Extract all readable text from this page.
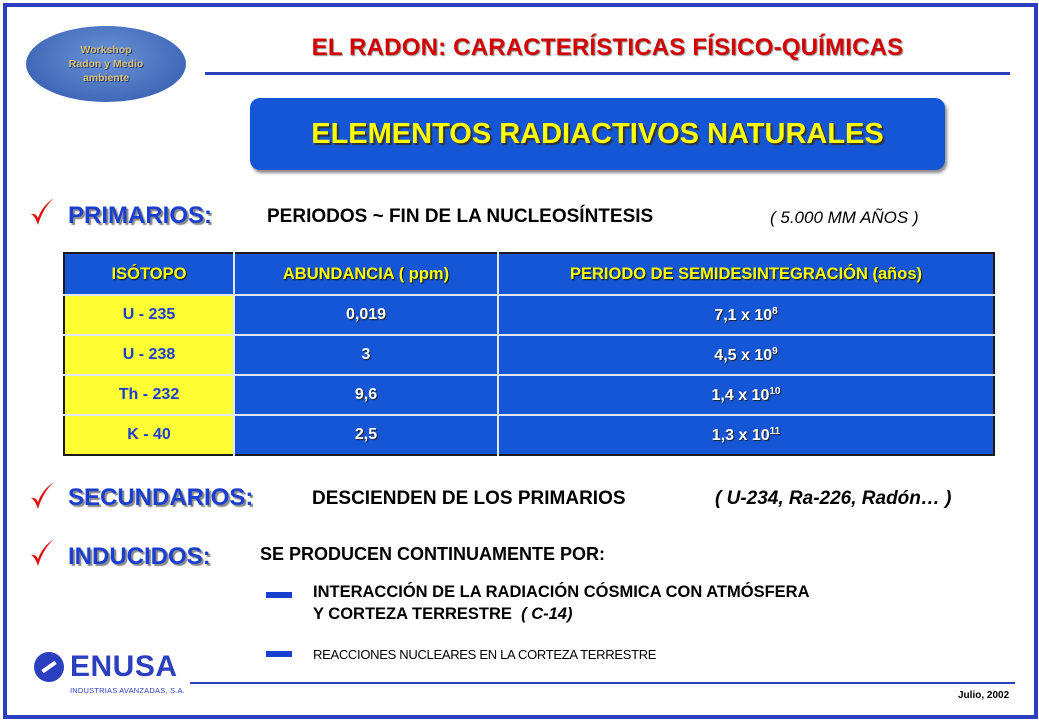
Workshop
Radon y Medio
ambiente
EL RADON: CARACTERÍSTICAS FÍSICO-QUÍMICAS
ELEMENTOS RADIACTIVOS NATURALES
PRIMARIOS:	PERIODOS ~ FIN DE LA NUCLEOSÍNTESIS	( 5.000 MM AÑOS )
ISÓTOPO	ABUNDANCIA ( ppm)	PERIODO DE SEMIDESINTEGRACIÓN (años)
U - 235	0,019	7,1 x $10^8$
U - 238	3	4,5 x $10^9$
Th - 232	9,6	1,4 x $10^{10}$
K - 40	2,5	1,3 x $10^{11}$
SECUNDARIOS:	DESCIENDEN DE LOS PRIMARIOS	( U-234, Ra-226, Radón… )
INDUCIDOS:	SE PRODUCEN CONTINUAMENTE POR:
INTERACCIÓN DE LA RADIACIÓN CÓSMICA CON ATMÓSFERA
Y CORTEZA TERRESTRE ( C-14)
REACCIONES NUCLEARES EN LA CORTEZA TERRESTRE
ENUSA
INDUSTRIAS AVANZADAS, S.A.	Julio, 2002
